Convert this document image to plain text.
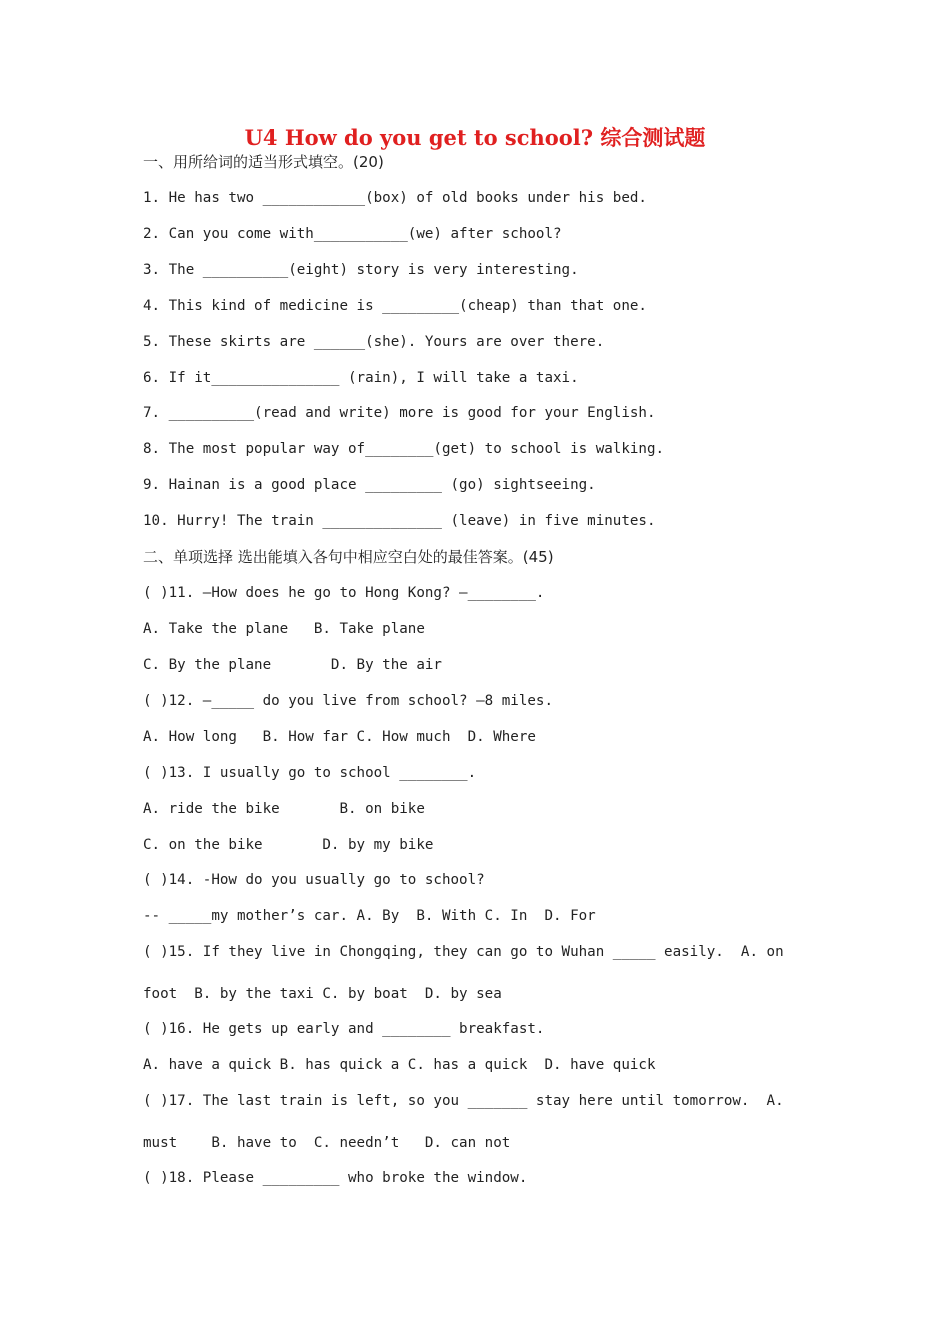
U4 How do you get to school? 综合测试题
一、用所给词的适当形式填空。(20)
1. He has two ____________(box) of old books under his bed.
2. Can you come with___________(we) after school?
3. The __________(eight) story is very interesting.
4. This kind of medicine is _________(cheap) than that one.
5. These skirts are ______(she). Yours are over there.
6. If it_______________ (rain), I will take a taxi.
7. __________(read and write) more is good for your English.
8. The most popular way of________(get) to school is walking.
9. Hainan is a good place _________ (go) sightseeing.
10. Hurry! The train ______________ (leave) in five minutes.
二、单项选择 选出能填入各句中相应空白处的最佳答案。(45)
( )11. —How does he go to Hong Kong? —________.
A. Take the plane   B. Take plane
C. By the plane       D. By the air
( )12. —_____ do you live from school? —8 miles.
A. How long   B. How far C. How much  D. Where
( )13. I usually go to school ________.
A. ride the bike       B. on bike
C. on the bike       D. by my bike
( )14. -How do you usually go to school?
-- _____my mother’s car. A. By  B. With C. In  D. For
( )15. If they live in Chongqing, they can go to Wuhan _____ easily.  A. on
foot  B. by the taxi C. by boat  D. by sea
( )16. He gets up early and ________ breakfast.
A. have a quick B. has quick a C. has a quick  D. have quick
( )17. The last train is left, so you _______ stay here until tomorrow.  A.
must    B. have to  C. needn’t   D. can not
( )18. Please _________ who broke the window.
